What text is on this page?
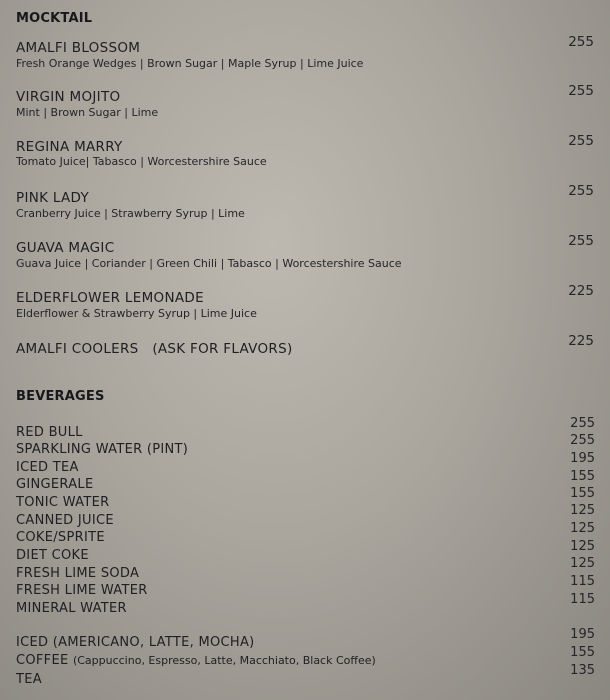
MOCKTAIL
AMALFI BLOSSOM
Fresh Orange Wedges | Brown Sugar | Maple Syrup | Lime Juice
255
VIRGIN MOJITO
Mint | Brown Sugar | Lime
255
REGINA MARRY
Tomato Juice| Tabasco | Worcestershire Sauce
255
PINK LADY
Cranberry Juice | Strawberry Syrup | Lime
255
GUAVA MAGIC
Guava Juice | Coriander | Green Chili | Tabasco | Worcestershire Sauce
255
ELDERFLOWER LEMONADE
Elderflower & Strawberry Syrup | Lime Juice
225
AMALFI COOLERS   (ASK FOR FLAVORS)	225
BEVERAGES
RED BULL
255
SPARKLING WATER (PINT)
255
ICED TEA
195
GINGERALE
155
TONIC WATER
155
CANNED JUICE
125
COKE/SPRITE
125
DIET COKE
125
FRESH LIME SODA
125
FRESH LIME WATER
115
MINERAL WATER
115
ICED (AMERICANO, LATTE, MOCHA)
195
COFFEE (Cappuccino, Espresso, Latte, Macchiato, Black Coffee)
155
TEA
135
